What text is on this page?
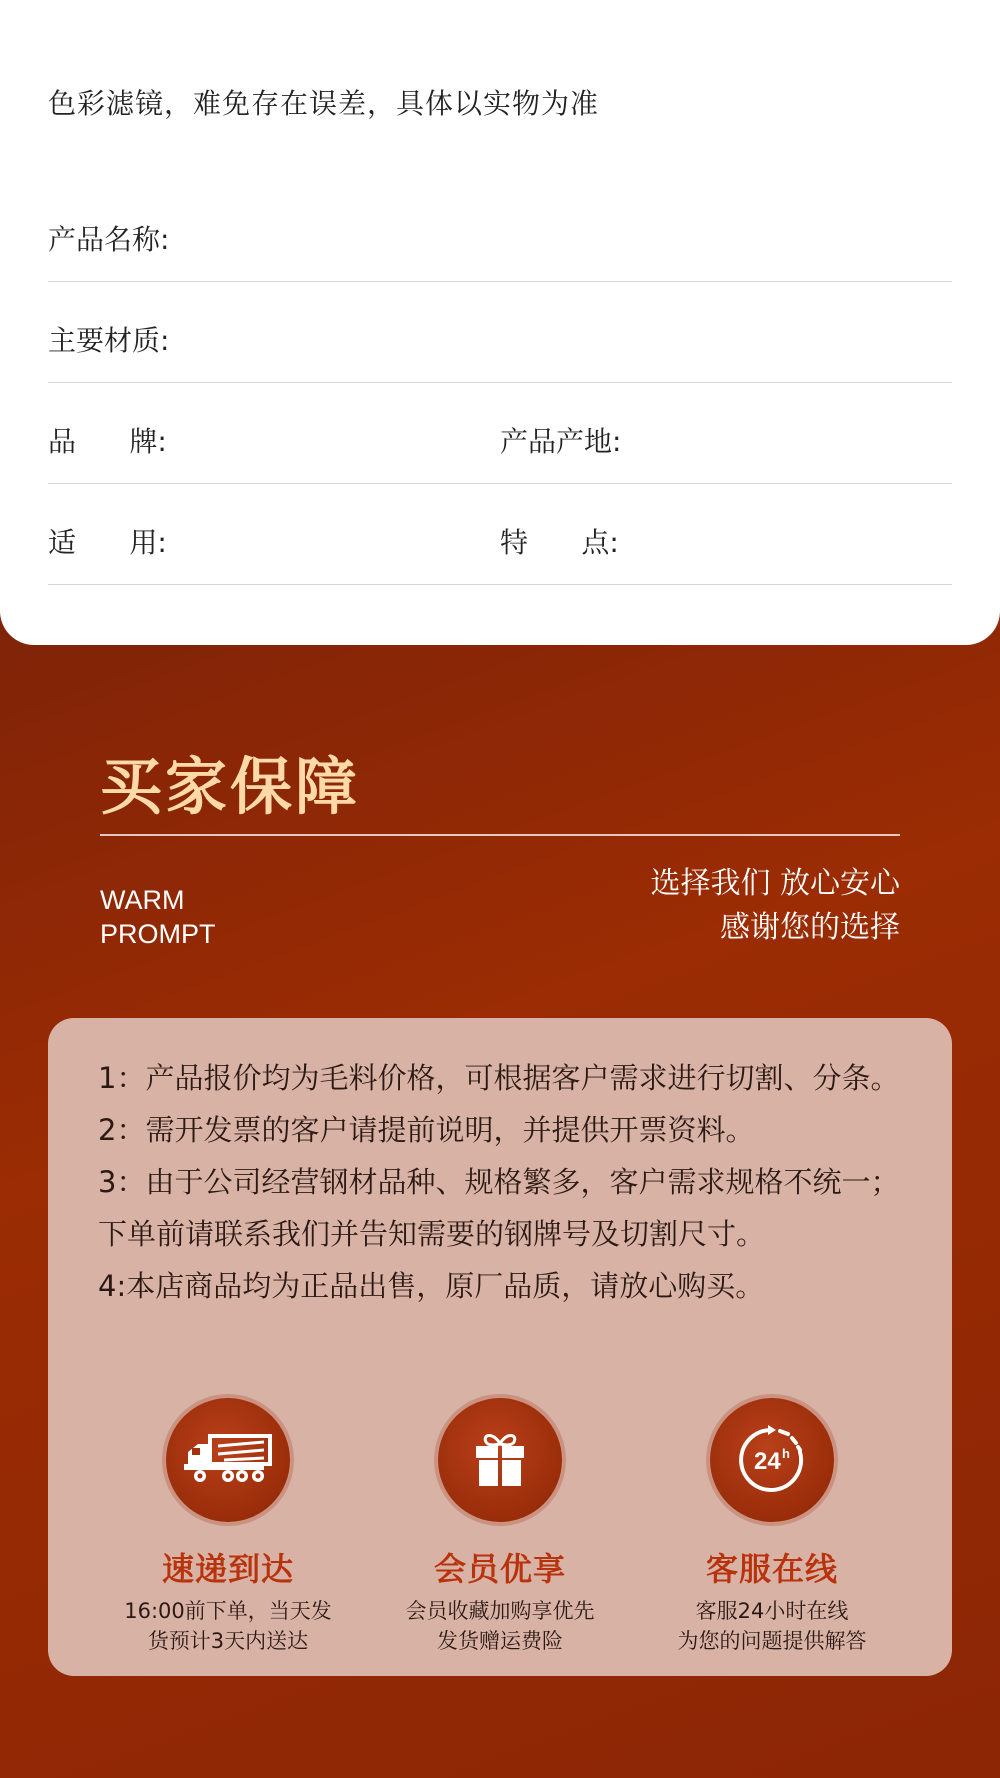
色彩滤镜，难免存在误差，具体以实物为准
产品名称:
主要材质:
品      牌:	产品产地:
适      用:	特      点:
买家保障
WARM
PROMPT
选择我们 放心安心
感谢您的选择

1：产品报价均为毛料价格，可根据客户需求进行切割、分条。

2：需开发票的客户请提前说明，并提供开票资料。

3：由于公司经营钢材品种、规格繁多，客户需求规格不统一；下单前请联系我们并告知需要的钢牌号及切割尺寸。

4:本店商品均为正品出售，原厂品质，请放心购买。

速递到达
16:00前下单，当天发
货预计3天内送达
会员优享
会员收藏加购享优先
发货赠运费险
24 h
客服在线
客服24小时在线
为您的问题提供解答
